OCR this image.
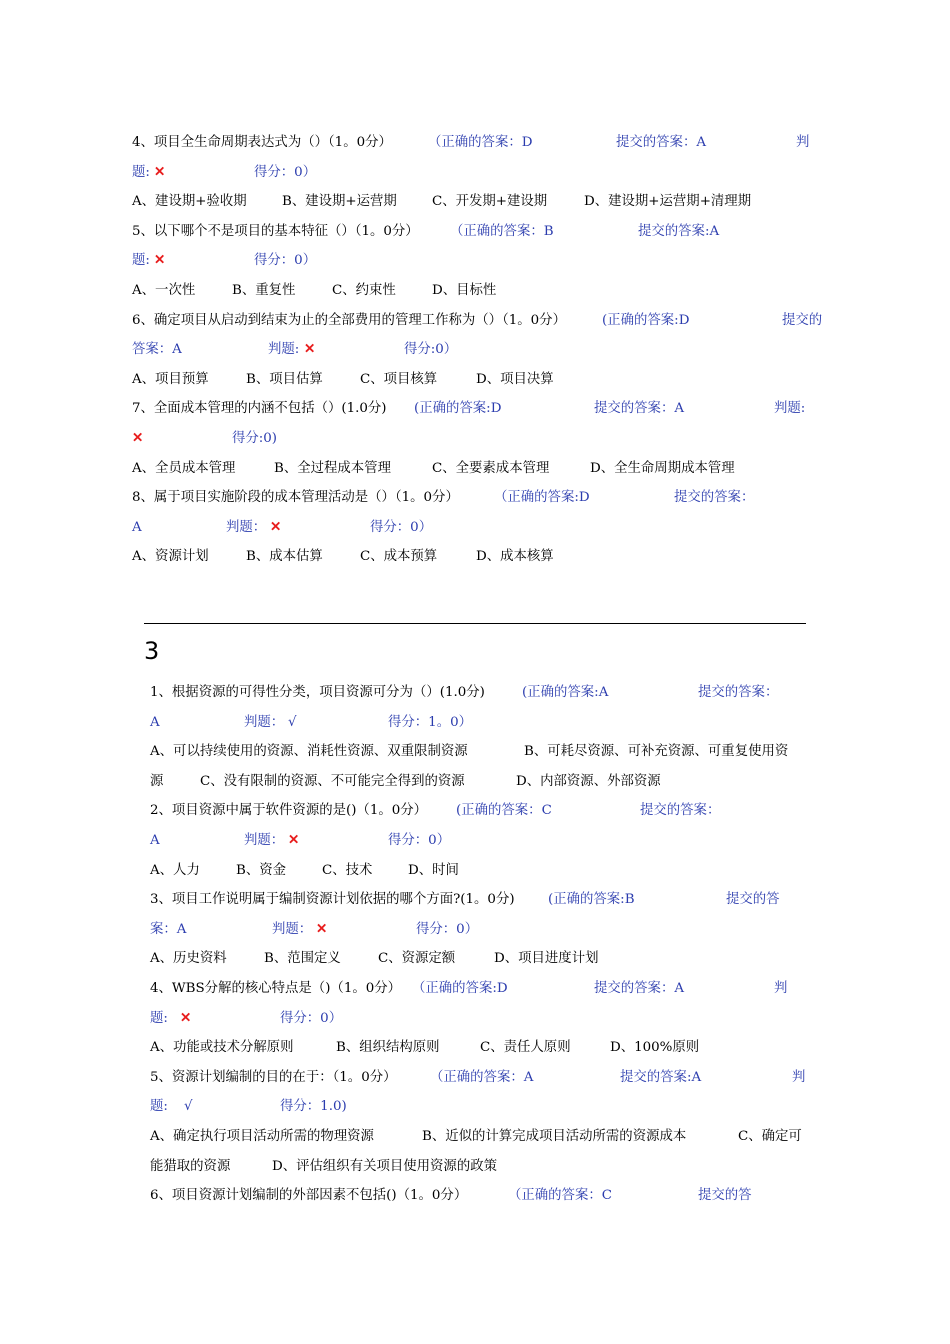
4、项目全生命周期表达式为（）（1。0分）	（正确的答案：D	提交的答案：A	判
题: ✕	得分：0）
A、建设期+验收期	B、建设期+运营期	C、开发期+建设期	D、建设期+运营期+清理期
5、以下哪个不是项目的基本特征（）（1。0分） （正确的答案：B	提交的答案:A
题: ✕	得分：0）
A、一次性	B、重复性	C、约束性	D、目标性
6、确定项目从启动到结束为止的全部费用的管理工作称为（）（1。0分）	(正确的答案:D	提交的
答案：A	判题: ✕	得分:0）
A、项目预算	B、项目估算	C、项目核算	D、项目决算
7、全面成本管理的内涵不包括（）(1.0分) (正确的答案:D	提交的答案：A	判题:
✕	得分:0)
A、全员成本管理	B、全过程成本管理	C、全要素成本管理	D、全生命周期成本管理
8、属于项目实施阶段的成本管理活动是（）（1。0分）	（正确的答案:D	提交的答案：
A	判题： ✕	得分：0）
A、资源计划	B、成本估算	C、成本预算	D、成本核算
3
1、根据资源的可得性分类，项目资源可分为（）(1.0分)	(正确的答案:A	提交的答案：
A	判题： √	得分：1。0）
A、可以持续使用的资源、消耗性资源、双重限制资源	B、可耗尽资源、可补充资源、可重复使用资
源	C、没有限制的资源、不可能完全得到的资源	D、内部资源、外部资源
2、项目资源中属于软件资源的是()（1。0分） (正确的答案：C	提交的答案：
A	判题： ✕	得分：0）
A、人力	B、资金	C、技术	D、时间
3、项目工作说明属于编制资源计划依据的哪个方面?(1。0分) (正确的答案:B	提交的答
案：A	判题： ✕	得分：0）
A、历史资料	B、范围定义	C、资源定额	D、项目进度计划
4、WBS分解的核心特点是（)（1。0分） （正确的答案:D	提交的答案：A	判
题: ✕	得分：0）
A、功能或技术分解原则	B、组织结构原则	C、责任人原则	D、100%原则
5、资源计划编制的目的在于：（1。0分）	（正确的答案：A	提交的答案:A	判
题: √	得分：1.0)
A、确定执行项目活动所需的物理资源	B、近似的计算完成项目活动所需的资源成本	C、确定可
能猎取的资源	D、评估组织有关项目使用资源的政策
6、项目资源计划编制的外部因素不包括()（1。0分）	（正确的答案：C	提交的答
